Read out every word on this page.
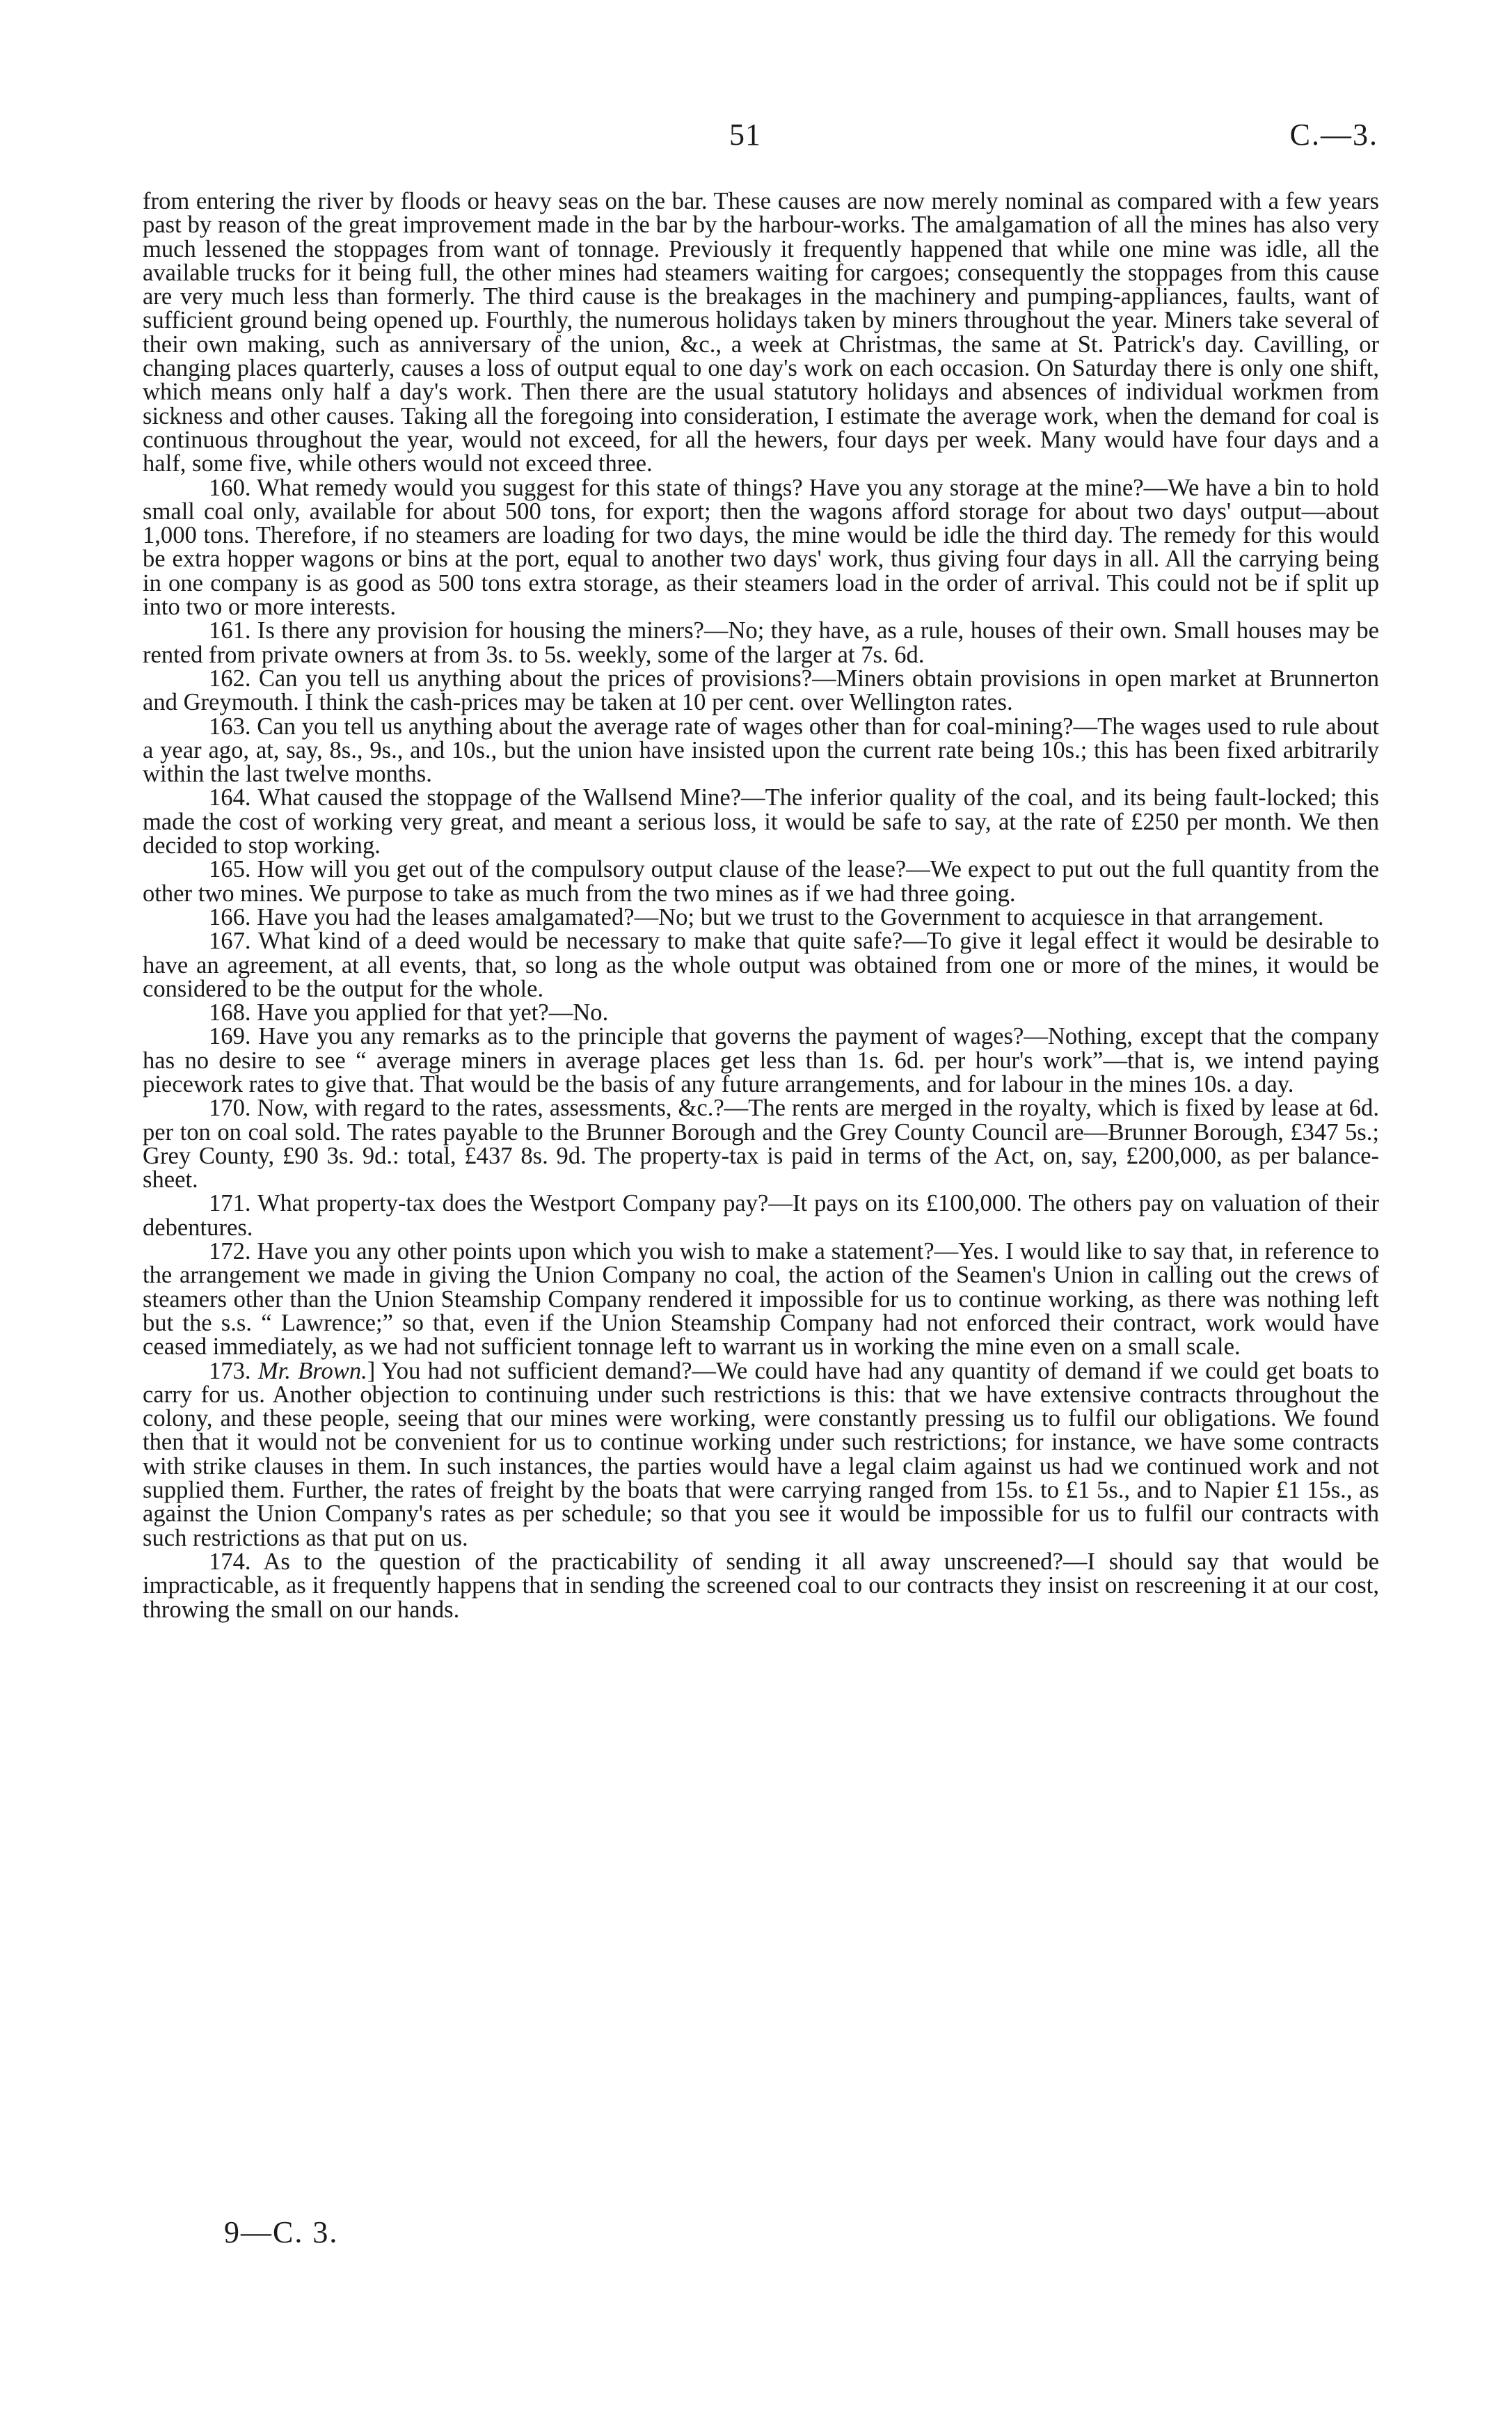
51	C.—3.

from entering the river by floods or heavy seas on the bar. These causes are now merely nominal as compared with a few years past by reason of the great improvement made in the bar by the harbour-works. The amalgamation of all the mines has also very much lessened the stoppages from want of tonnage. Previously it frequently happened that while one mine was idle, all the available trucks for it being full, the other mines had steamers waiting for cargoes; consequently the stoppages from this cause are very much less than formerly. The third cause is the breakages in the machinery and pumping-appliances, faults, want of sufficient ground being opened up. Fourthly, the numerous holidays taken by miners throughout the year. Miners take several of their own making, such as anniversary of the union, &c., a week at Christmas, the same at St. Patrick's day. Cavilling, or changing places quarterly, causes a loss of output equal to one day's work on each occasion. On Saturday there is only one shift, which means only half a day's work. Then there are the usual statutory holidays and absences of individual workmen from sickness and other causes. Taking all the foregoing into consideration, I estimate the average work, when the demand for coal is continuous throughout the year, would not exceed, for all the hewers, four days per week. Many would have four days and a half, some five, while others would not exceed three.

160. What remedy would you suggest for this state of things? Have you any storage at the mine?—We have a bin to hold small coal only, available for about 500 tons, for export; then the wagons afford storage for about two days' output—about 1,000 tons. Therefore, if no steamers are loading for two days, the mine would be idle the third day. The remedy for this would be extra hopper wagons or bins at the port, equal to another two days' work, thus giving four days in all. All the carrying being in one company is as good as 500 tons extra storage, as their steamers load in the order of arrival. This could not be if split up into two or more interests.

161. Is there any provision for housing the miners?—No; they have, as a rule, houses of their own. Small houses may be rented from private owners at from 3s. to 5s. weekly, some of the larger at 7s. 6d.

162. Can you tell us anything about the prices of provisions?—Miners obtain provisions in open market at Brunnerton and Greymouth. I think the cash-prices may be taken at 10 per cent. over Wellington rates.

163. Can you tell us anything about the average rate of wages other than for coal-mining?—The wages used to rule about a year ago, at, say, 8s., 9s., and 10s., but the union have insisted upon the current rate being 10s.; this has been fixed arbitrarily within the last twelve months.

164. What caused the stoppage of the Wallsend Mine?—The inferior quality of the coal, and its being fault-locked; this made the cost of working very great, and meant a serious loss, it would be safe to say, at the rate of £250 per month. We then decided to stop working.

165. How will you get out of the compulsory output clause of the lease?—We expect to put out the full quantity from the other two mines. We purpose to take as much from the two mines as if we had three going.

166. Have you had the leases amalgamated?—No; but we trust to the Government to acquiesce in that arrangement.

167. What kind of a deed would be necessary to make that quite safe?—To give it legal effect it would be desirable to have an agreement, at all events, that, so long as the whole output was obtained from one or more of the mines, it would be considered to be the output for the whole.

168. Have you applied for that yet?—No.

169. Have you any remarks as to the principle that governs the payment of wages?—Nothing, except that the company has no desire to see “ average miners in average places get less than 1s. 6d. per hour's work”—that is, we intend paying piecework rates to give that. That would be the basis of any future arrangements, and for labour in the mines 10s. a day.

170. Now, with regard to the rates, assessments, &c.?—The rents are merged in the royalty, which is fixed by lease at 6d. per ton on coal sold. The rates payable to the Brunner Borough and the Grey County Council are—Brunner Borough, £347 5s.; Grey County, £90 3s. 9d.: total, £437 8s. 9d. The property-tax is paid in terms of the Act, on, say, £200,000, as per balance-sheet.

171. What property-tax does the Westport Company pay?—It pays on its £100,000. The others pay on valuation of their debentures.

172. Have you any other points upon which you wish to make a statement?—Yes. I would like to say that, in reference to the arrangement we made in giving the Union Company no coal, the action of the Seamen's Union in calling out the crews of steamers other than the Union Steamship Company rendered it impossible for us to continue working, as there was nothing left but the s.s. “ Lawrence;” so that, even if the Union Steamship Company had not enforced their contract, work would have ceased immediately, as we had not sufficient tonnage left to warrant us in working the mine even on a small scale.

173. Mr. Brown.] You had not sufficient demand?—We could have had any quantity of demand if we could get boats to carry for us. Another objection to continuing under such restrictions is this: that we have extensive contracts throughout the colony, and these people, seeing that our mines were working, were constantly pressing us to fulfil our obligations. We found then that it would not be convenient for us to continue working under such restrictions; for instance, we have some contracts with strike clauses in them. In such instances, the parties would have a legal claim against us had we continued work and not supplied them. Further, the rates of freight by the boats that were carrying ranged from 15s. to £1 5s., and to Napier £1 15s., as against the Union Company's rates as per schedule; so that you see it would be impossible for us to fulfil our contracts with such restrictions as that put on us.

174. As to the question of the practicability of sending it all away unscreened?—I should say that would be impracticable, as it frequently happens that in sending the screened coal to our contracts they insist on rescreening it at our cost, throwing the small on our hands.

9—C. 3.
